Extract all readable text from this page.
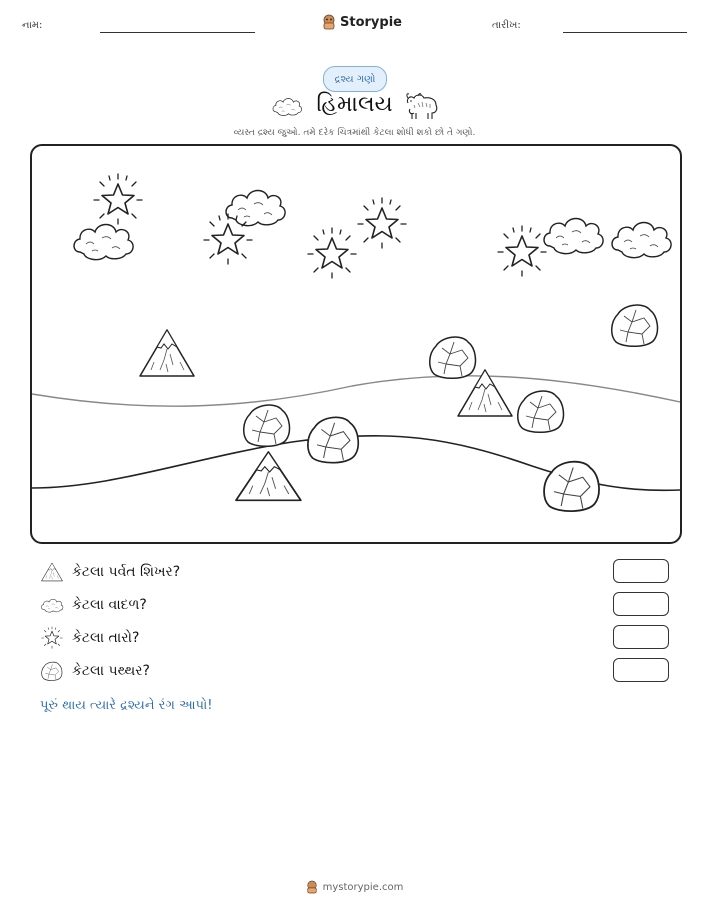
નામ:	Storypie	તારીખ:
દ્રશ્ય ગણો
હિમાલય
વ્યસ્ત દ્રશ્ય જુઓ. તમે દરેક ચિત્રમાંથી કેટલા શોધી શકો છો તે ગણો.
કેટલા પર્વત શિખર?
કેટલા વાદળ?
કેટલા તારો?
કેટલા પથ્થર?
પૂરું થાય ત્યારે દ્રશ્યને રંગ આપો!
mystorypie.com
